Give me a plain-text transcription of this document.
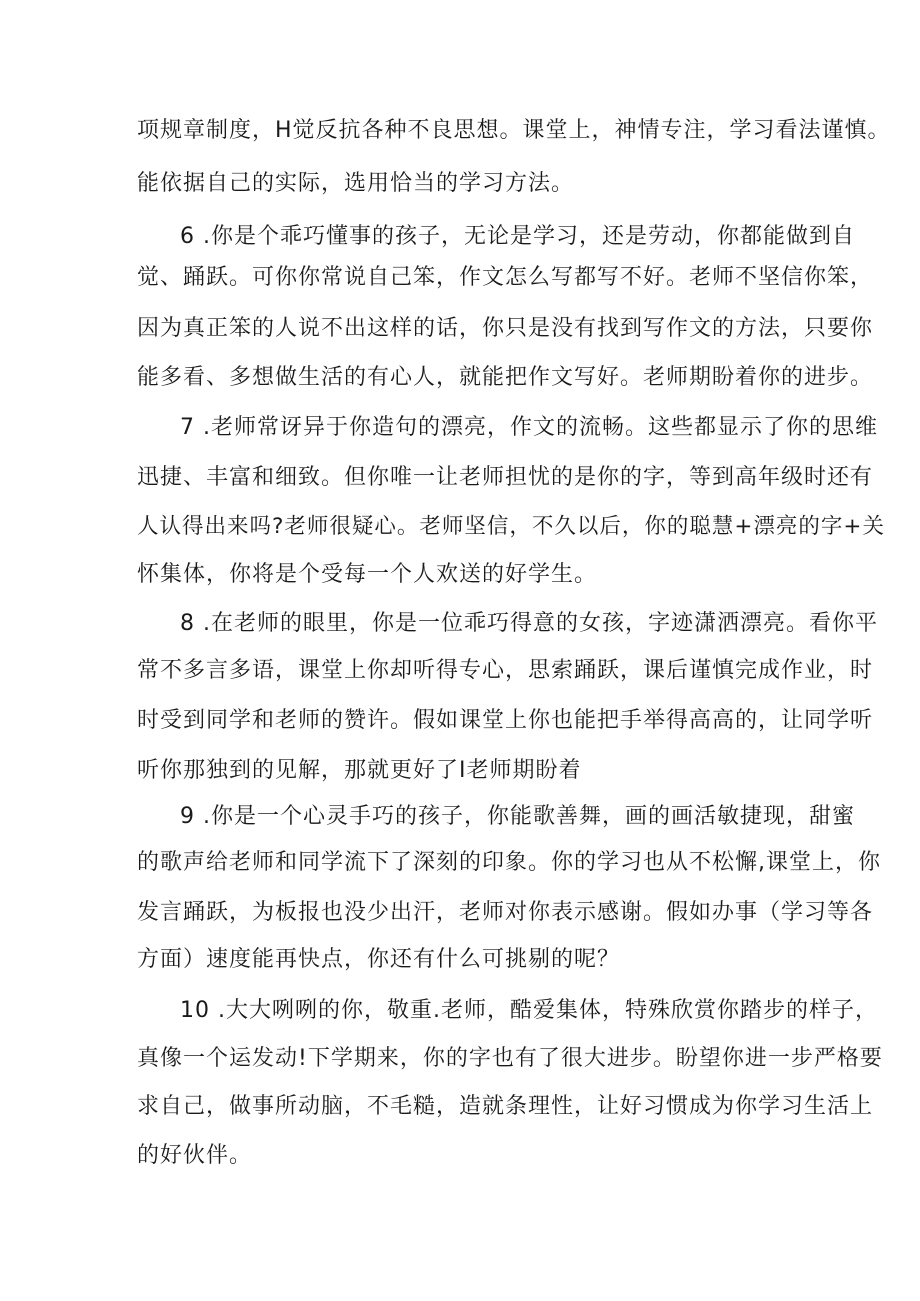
项规章制度，H觉反抗各种不良思想。课堂上，神情专注，学习看法谨慎。
能依据自己的实际，选用恰当的学习方法。
6 .你是个乖巧懂事的孩子，无论是学习，还是劳动，你都能做到自
觉、踊跃。可你你常说自己笨，作文怎么写都写不好。老师不坚信你笨，
因为真正笨的人说不出这样的话，你只是没有找到写作文的方法，只要你
能多看、多想做生活的有心人，就能把作文写好。老师期盼着你的进步。
7 .老师常讶异于你造句的漂亮，作文的流畅。这些都显示了你的思维
迅捷、丰富和细致。但你唯一让老师担忧的是你的字，等到高年级时还有
人认得出来吗?老师很疑心。老师坚信，不久以后，你的聪慧+漂亮的字+关
怀集体，你将是个受每一个人欢送的好学生。
8 .在老师的眼里，你是一位乖巧得意的女孩，字迹潇洒漂亮。看你平
常不多言多语，课堂上你却听得专心，思索踊跃，课后谨慎完成作业，时
时受到同学和老师的赞许。假如课堂上你也能把手举得高高的，让同学听
听你那独到的见解，那就更好了I老师期盼着
9 .你是一个心灵手巧的孩子，你能歌善舞，画的画活敏捷现，甜蜜
的歌声给老师和同学流下了深刻的印象。你的学习也从不松懈,课堂上，你
发言踊跃，为板报也没少出汗，老师对你表示感谢。假如办事（学习等各
方面）速度能再快点，你还有什么可挑剔的呢？
10 .大大咧咧的你，敬重.老师，酷爱集体，特殊欣赏你踏步的样子，
真像一个运发动!下学期来，你的字也有了很大进步。盼望你进一步严格要
求自己，做事所动脑，不毛糙，造就条理性，让好习惯成为你学习生活上
的好伙伴。
